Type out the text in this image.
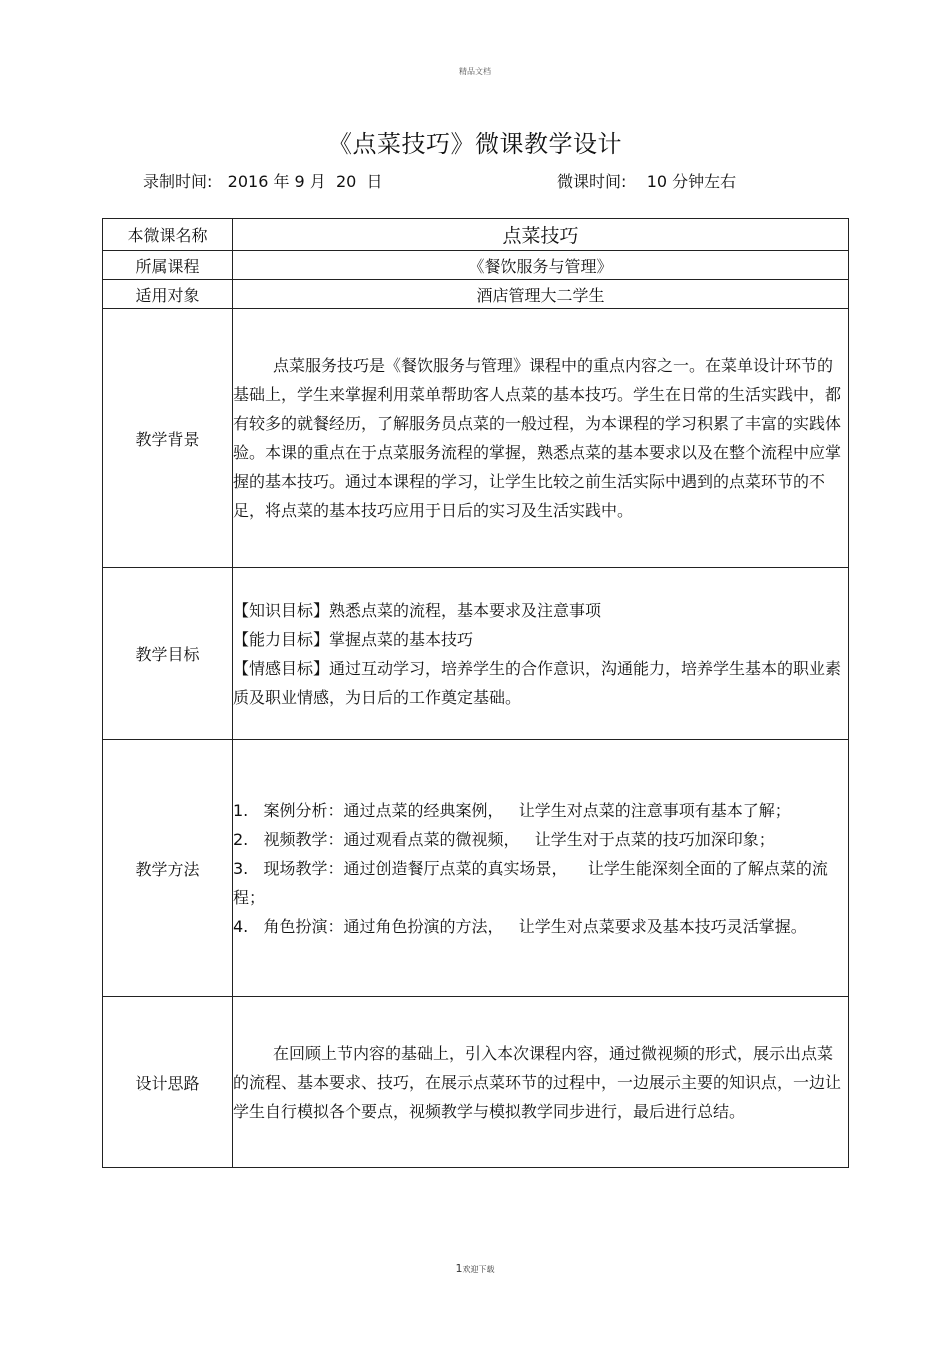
精品文档
《点菜技巧》微课教学设计
录制时间:   2016 年 9 月  20  日	微课时间:    10 分钟左右
本微课名称	点菜技巧
所属课程	《餐饮服务与管理》
适用对象	酒店管理大二学生
教学背景	点菜服务技巧是《餐饮服务与管理》课程中的重点内容之一。在菜单设计环节的基础上，学生来掌握利用菜单帮助客人点菜的基本技巧。学生在日常的生活实践中，都有较多的就餐经历，了解服务员点菜的一般过程，为本课程的学习积累了丰富的实践体验。本课的重点在于点菜服务流程的掌握，熟悉点菜的基本要求以及在整个流程中应掌握的基本技巧。通过本课程的学习，让学生比较之前生活实际中遇到的点菜环节的不足，将点菜的基本技巧应用于日后的实习及生活实践中。

教学目标	【知识目标】熟悉点菜的流程，基本要求及注意事项

【能力目标】掌握点菜的基本技巧

【情感目标】通过互动学习，培养学生的合作意识，沟通能力，培养学生基本的职业素质及职业情感，为日后的工作奠定基础。

教学方法	1.   案例分析：通过点菜的经典案例，   让学生对点菜的注意事项有基本了解；

2.   视频教学：通过观看点菜的微视频，   让学生对于点菜的技巧加深印象；

3.   现场教学：通过创造餐厅点菜的真实场景，    让学生能深刻全面的了解点菜的流程；

4.   角色扮演：通过角色扮演的方法，   让学生对点菜要求及基本技巧灵活掌握。

设计思路	在回顾上节内容的基础上，引入本次课程内容，通过微视频的形式，展示出点菜的流程、基本要求、技巧，在展示点菜环节的过程中，一边展示主要的知识点，一边让学生自行模拟各个要点，视频教学与模拟教学同步进行，最后进行总结。

1欢迎下载
